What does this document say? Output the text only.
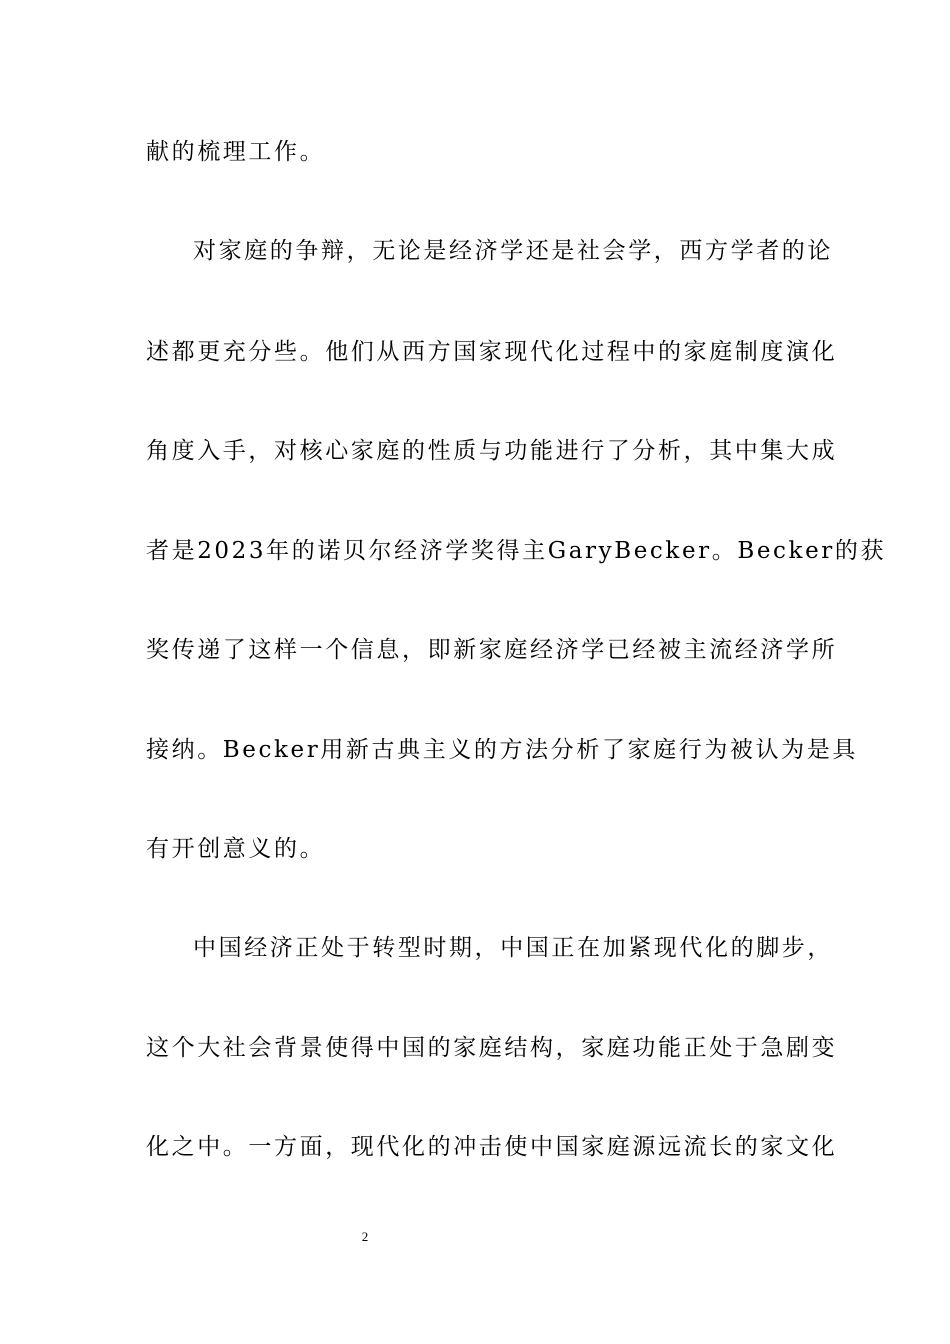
献的梳理工作。
对家庭的争辩，无论是经济学还是社会学，西方学者的论
述都更充分些。他们从西方国家现代化过程中的家庭制度演化
角度入手，对核心家庭的性质与功能进行了分析，其中集大成
者是2023年的诺贝尔经济学奖得主GaryBecker。Becker的获
奖传递了这样一个信息，即新家庭经济学已经被主流经济学所
接纳。Becker用新古典主义的方法分析了家庭行为被认为是具
有开创意义的。
中国经济正处于转型时期，中国正在加紧现代化的脚步，
这个大社会背景使得中国的家庭结构，家庭功能正处于急剧变
化之中。一方面，现代化的冲击使中国家庭源远流长的家文化
2
